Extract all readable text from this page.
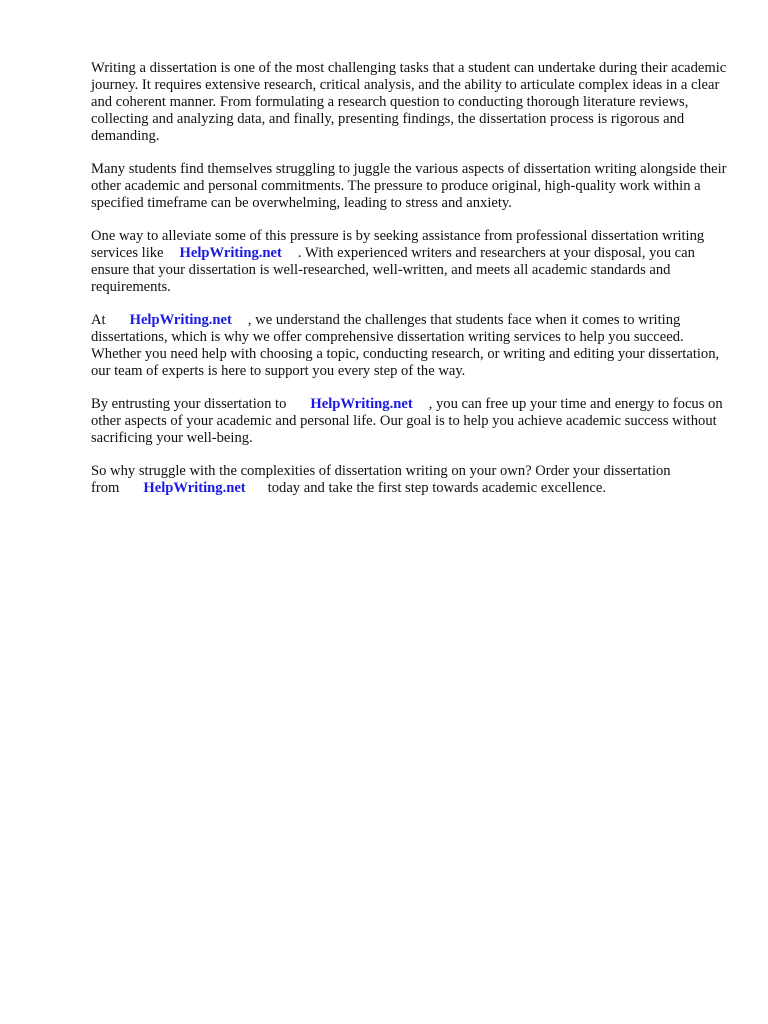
Writing a dissertation is one of the most challenging tasks that a student can undertake during their academic journey. It requires extensive research, critical analysis, and the ability to articulate complex ideas in a clear and coherent manner. From formulating a research question to conducting thorough literature reviews, collecting and analyzing data, and finally, presenting findings, the dissertation process is rigorous and demanding.

Many students find themselves struggling to juggle the various aspects of dissertation writing alongside their other academic and personal commitments. The pressure to produce original, high-quality work within a specified timeframe can be overwhelming, leading to stress and anxiety.

One way to alleviate some of this pressure is by seeking assistance from professional dissertation writing services like HelpWriting.net . With experienced writers and researchers at your disposal, you can ensure that your dissertation is well-researched, well-written, and meets all academic standards and requirements.

At HelpWriting.net , we understand the challenges that students face when it comes to writing dissertations, which is why we offer comprehensive dissertation writing services to help you succeed. Whether you need help with choosing a topic, conducting research, or writing and editing your dissertation, our team of experts is here to support you every step of the way.

By entrusting your dissertation to HelpWriting.net , you can free up your time and energy to focus on other aspects of your academic and personal life. Our goal is to help you achieve academic success without sacrificing your well-being.

So why struggle with the complexities of dissertation writing on your own? Order your dissertation from HelpWriting.net today and take the first step towards academic excellence.
